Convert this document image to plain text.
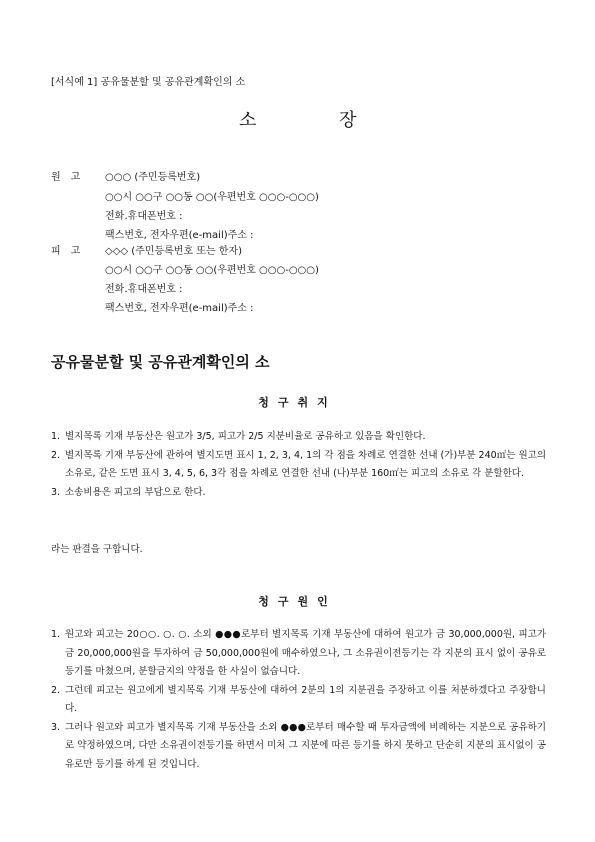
[서식예 1] 공유물분할 및 공유관계확인의 소
소	장
원　고	○○○ (주민등록번호)
○○시 ○○구 ○○동 ○○(우편번호 ○○○-○○○)
전화․휴대폰번호 :
팩스번호, 전자우편(e-mail)주소 :
피　고	◇◇◇ (주민등록번호 또는 한자)
○○시 ○○구 ○○동 ○○(우편번호 ○○○-○○○)
전화․휴대폰번호 :
팩스번호, 전자우편(e-mail)주소 :
공유물분할 및 공유관계확인의 소
청구취지
1. 별지목록 기재 부동산은 원고가 3/5, 피고가 2/5 지분비율로 공유하고 있음을 확인한다.
2. 별지목록 기재 부동산에 관하여 별지도면 표시 1, 2, 3, 4, 1의 각 점을 차례로 연결한 선내 (가)부분 240㎡는 원고의 소유로, 같은 도면 표시 3, 4, 5, 6, 3각 점을 차례로 연결한 선내 (나)부분 160㎡는 피고의 소유로 각 분할한다.
3. 소송비용은 피고의 부담으로 한다.
라는 판결을 구합니다.
청구원인
1. 원고와 피고는 20○○. ○. ○. 소외 ●●●로부터 별지목록 기재 부동산에 대하여 원고가 금 30,000,000원, 피고가 금 20,000,000원을 투자하여 금 50,000,000원에 매수하였으나, 그 소유권이전등기는 각 지분의 표시 없이 공유로 등기를 마쳤으며, 분할금지의 약정을 한 사실이 없습니다.
2. 그런데 피고는 원고에게 별지목록 기재 부동산에 대하여 2분의 1의 지분권을 주장하고 이를 처분하겠다고 주장합니다.
3. 그러나 원고와 피고가 별지목록 기재 부동산을 소외 ●●●로부터 매수할 때 투자금액에 비례하는 지분으로 공유하기로 약정하였으며, 다만 소유권이전등기를 하면서 미처 그 지분에 따른 등기를 하지 못하고 단순히 지분의 표시없이 공유로만 등기를 하게 된 것입니다.
